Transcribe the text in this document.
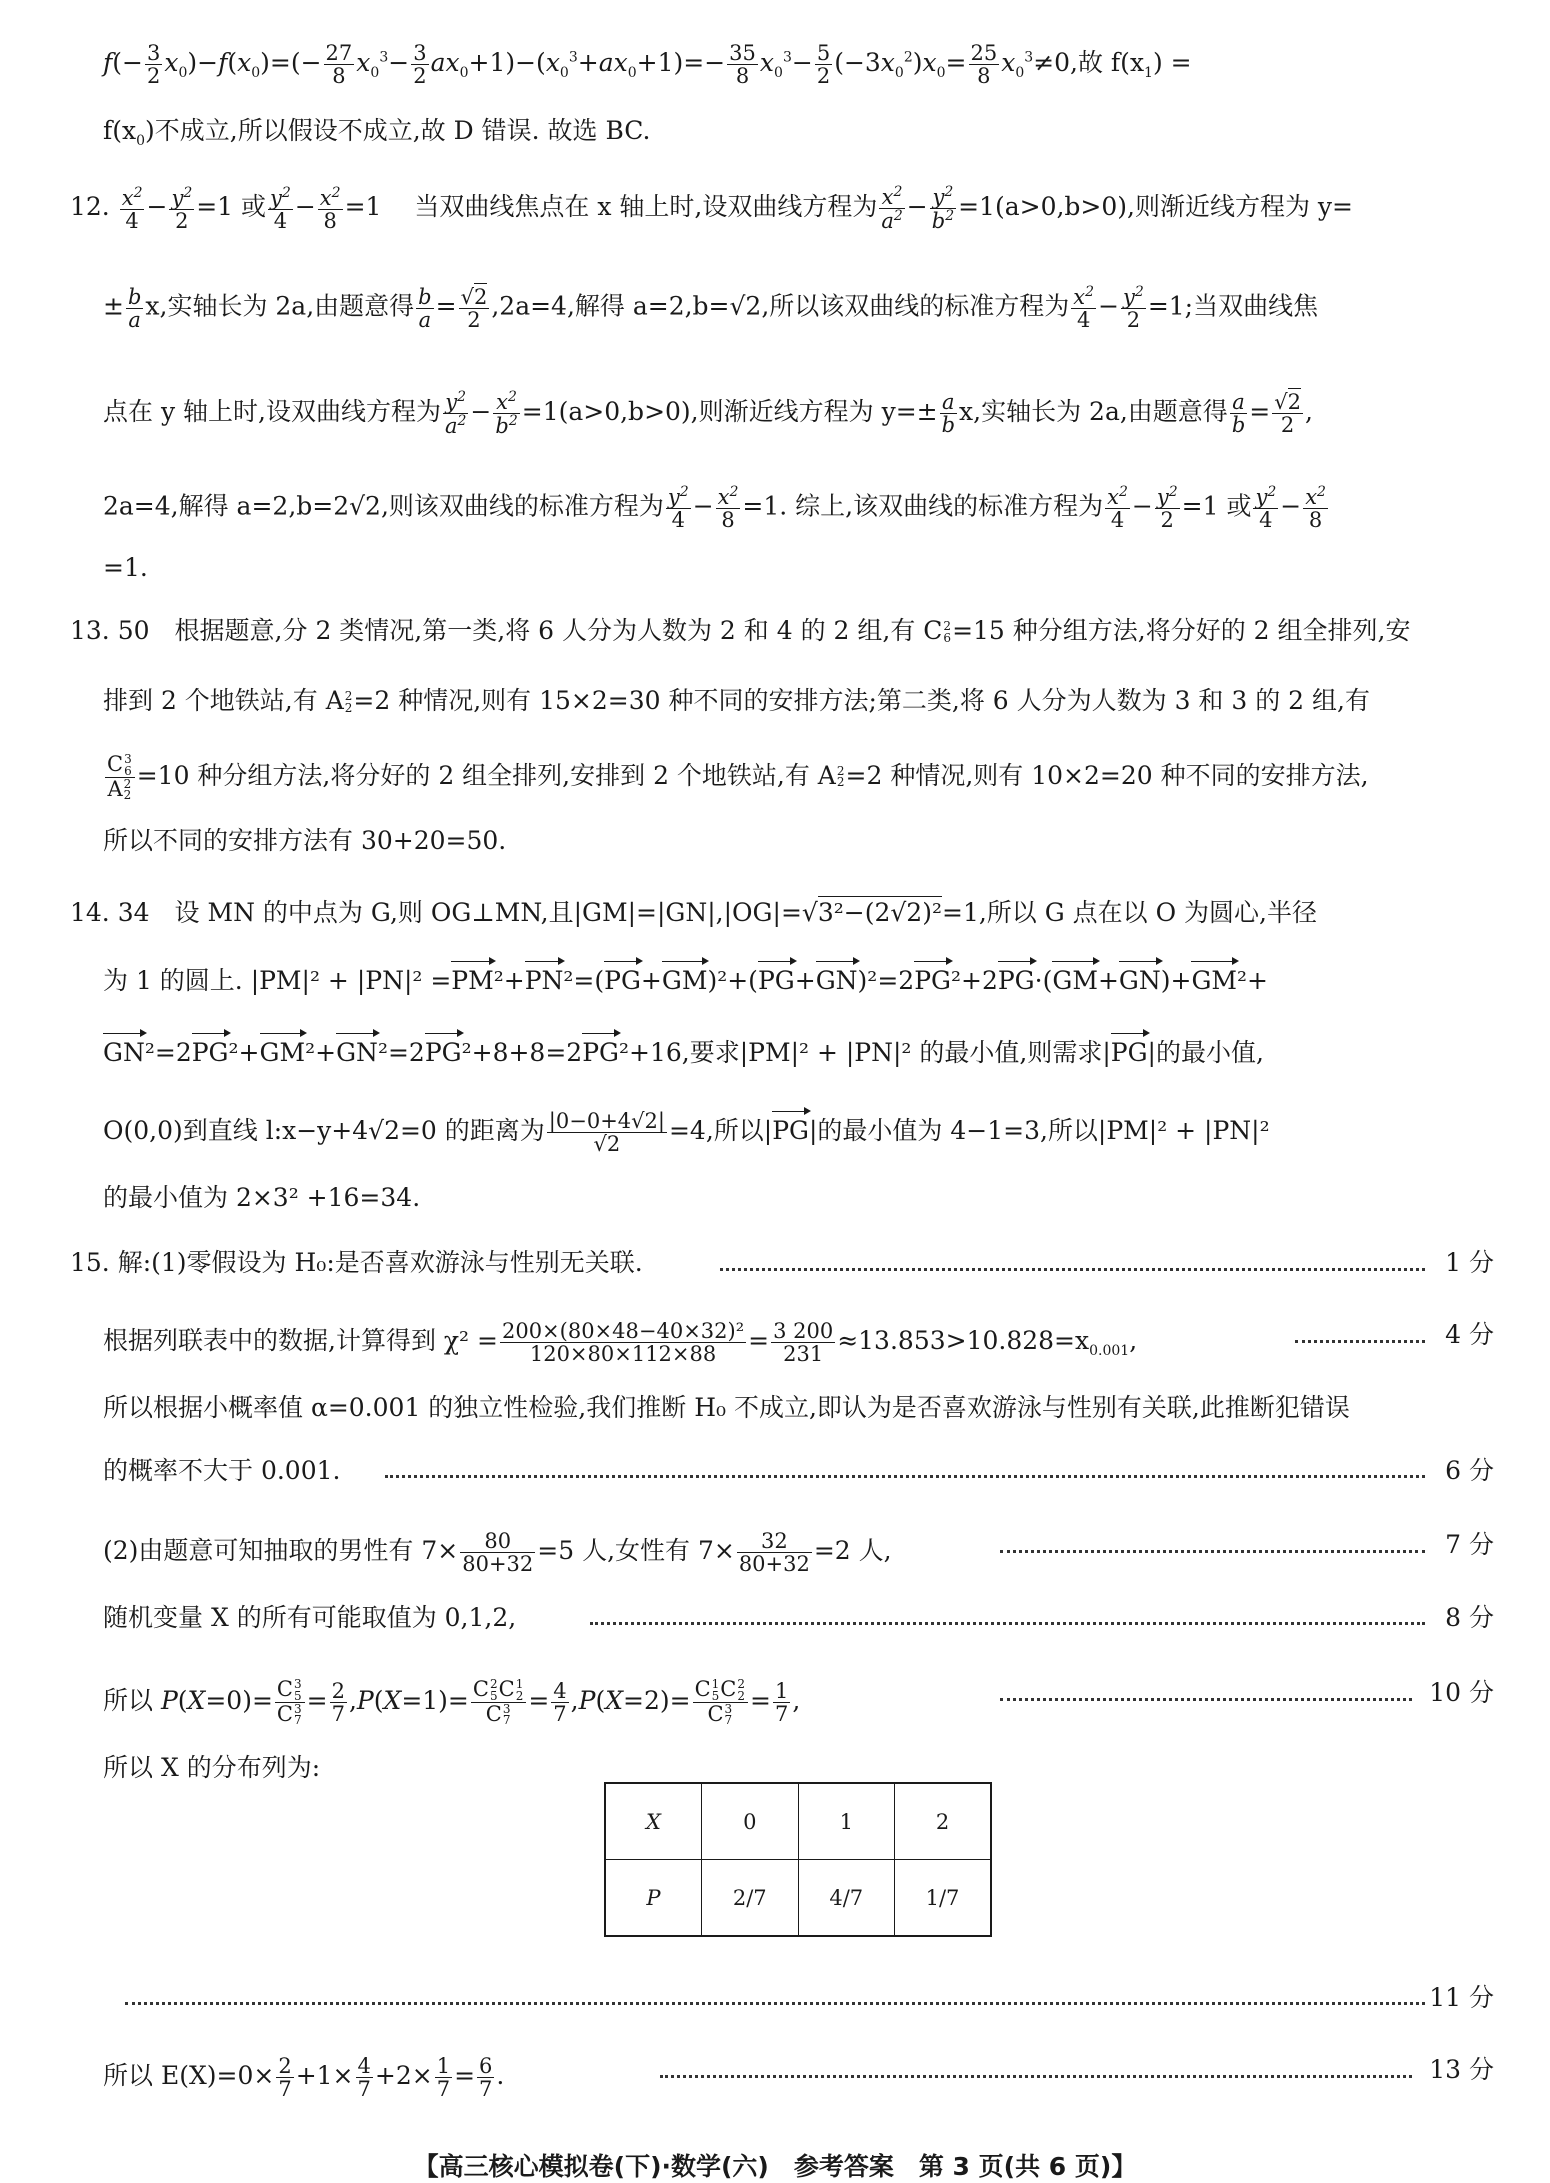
$f(- \frac{3}{2} x_0)-f(x_0)=(- \frac{27}{8} x_0^3- \frac{3}{2} ax_0+1)-(x_0^3+ax_0+1)=- \frac{35}{8} x_0^3- \frac{5}{2} (-3x_0^2)x_0= \frac{25}{8} x_0^3\ne 0$,故 $f(x_1)$ =
$f(x_0)$不成立,所以假设不成立,故 D 错误. 故选 BC.
12. $\frac{x^2}{4} - \frac{y^2}{2} =1$ 或 $\frac{y^2}{4} - \frac{x^2}{8} =1$　 当双曲线焦点在 x 轴上时,设双曲线方程为 $\frac{x^2}{a^2} - \frac{y^2}{b^2} =1(a>0,b>0)$,则渐近线方程为 y=
± $\frac{b}{a} x$,实轴长为 2a,由题意得 $\frac{b}{a} = \frac{√2}{2} ,2a=4$,解得 a=2,b=√2,所以该双曲线的标准方程为 $\frac{x^2}{4} - \frac{y^2}{2} =1$;当双曲线焦
点在 y 轴上时,设双曲线方程为 $\frac{y^2}{a^2} - \frac{x^2}{b^2} =1(a>0,b>0)$,则渐近线方程为 $y=\pm \frac{a}{b} x$,实轴长为 2a,由题意得 $\frac{a}{b} = \frac{√2}{2}$ ,
2a=4,解得 a=2,b=2√2,则该双曲线的标准方程为 $\frac{y^2}{4} - \frac{x^2}{8} =1$. 综上,该双曲线的标准方程为 $\frac{x^2}{4} - \frac{y^2}{2} =1$ 或 $\frac{y^2}{4} - \frac{x^2}{8}$
=1.
13. 50　 根据题意,分 2 类情况,第一类,将 6 人分为人数为 2 和 4 的 2 组,有 C2
6=15 种分组方法,将分好的 2 组全排列,安
排到 2 个地铁站,有 A2
2=2 种情况,则有 15×2=30 种不同的安排方法;第二类,将 6 人分为人数为 3 和 3 的 2 组,有
C3
6
A2
2
=10 种分组方法,将分好的 2 组全排列,安排到 2 个地铁站,有 A2
2=2 种情况,则有 10×2=20 种不同的安排方法,
所以不同的安排方法有 30+20=50.
14. 34　 设 MN 的中点为 G,则 OG⊥MN,且|GM|=|GN|,|OG|=√3²−(2√2)²=1,所以 G 点在以 O 为圆心,半径
为 1 的圆上. |PM|² + |PN|² =PM²+PN²=(PG+GM)²+(PG+GN)²=2PG²+2PG·(GM+GN)+GM²+
GN²=2PG²+GM²+GN²=2PG²+8+8=2PG²+16,要求|PM|² + |PN|² 的最小值,则需求|PG|的最小值,
O(0,0)到直线 l:x−y+4√2=0 的距离为 $\frac{|0-0+4√2|}{√2} =4$,所以|PG|的最小值为 4−1=3,所以|PM|² + |PN|²
的最小值为 2×3² +16=34.
15. 解:(1)零假设为 H₀:是否喜欢游泳与性别无关联.	1 分
根据列联表中的数据,计算得到 $\chi^2 = \frac{\text{200×(80×48−40×32)²}}{120\times 80\times 112\times 88} = \frac{3 200}{231} \approx 13.853>10.828=x_{0.001}$,	4 分
所以根据小概率值 α=0.001 的独立性检验,我们推断 H₀ 不成立,即认为是否喜欢游泳与性别有关联,此推断犯错误
的概率不大于 0.001.	6 分
(2)由题意可知抽取的男性有 $7\times \frac{80}{80+32} =5$ 人,女性有 $7\times \frac{32}{80+32} =2$ 人,	7 分
随机变量 X 的所有可能取值为 0,1,2,	8 分
所以 P(X=0)= C3
5
C3
7
= $\frac{2}{7} ,P(X=1)= C2$
5C1
2
C3
7
= $\frac{4}{7} ,P(X=2)= C1$
5C2
2
C3
7
= $\frac{1}{7}$ ,	10 分
所以 X 的分布列为:
X	0	1	2
P	2/7	4/7	1/7
11 分
所以 $E(X)=0\times \frac{2}{7} +1\times \frac{4}{7} +2\times \frac{1}{7} = \frac{6}{7}$ .	13 分
【高三核心模拟卷(下)·数学(六)　参考答案　第 3 页(共 6 页)】
